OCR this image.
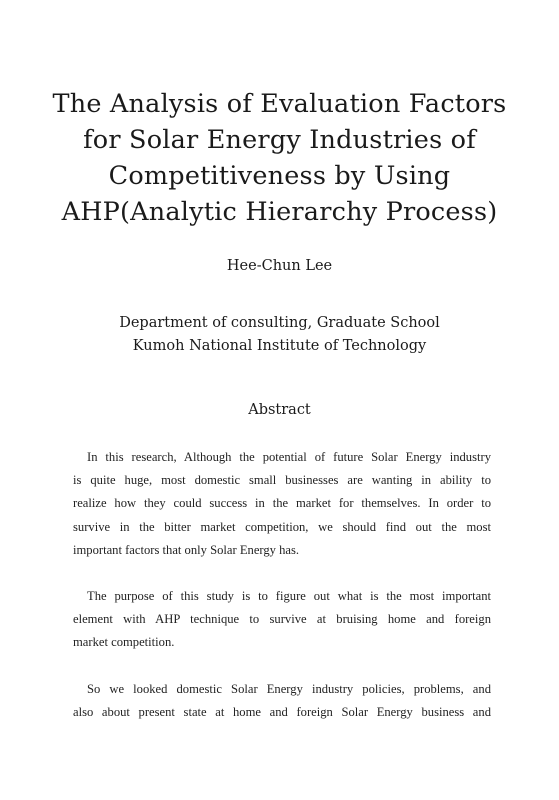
The Analysis of Evaluation Factors
for Solar Energy Industries of
Competitiveness by Using
AHP(Analytic Hierarchy Process)
Hee-Chun Lee
Department of consulting, Graduate School
Kumoh National Institute of Technology
Abstract

In this research, Although the potential of future Solar Energy industry
is quite huge, most domestic small businesses are wanting in ability to
realize how they could success in the market for themselves. In order to
survive in the bitter market competition, we should find out the most
important factors that only Solar Energy has.

The purpose of this study is to figure out what is the most important
element with AHP technique to survive at bruising home and foreign
market competition.

So we looked domestic Solar Energy industry policies, problems, and
also about present state at home and foreign Solar Energy business and
